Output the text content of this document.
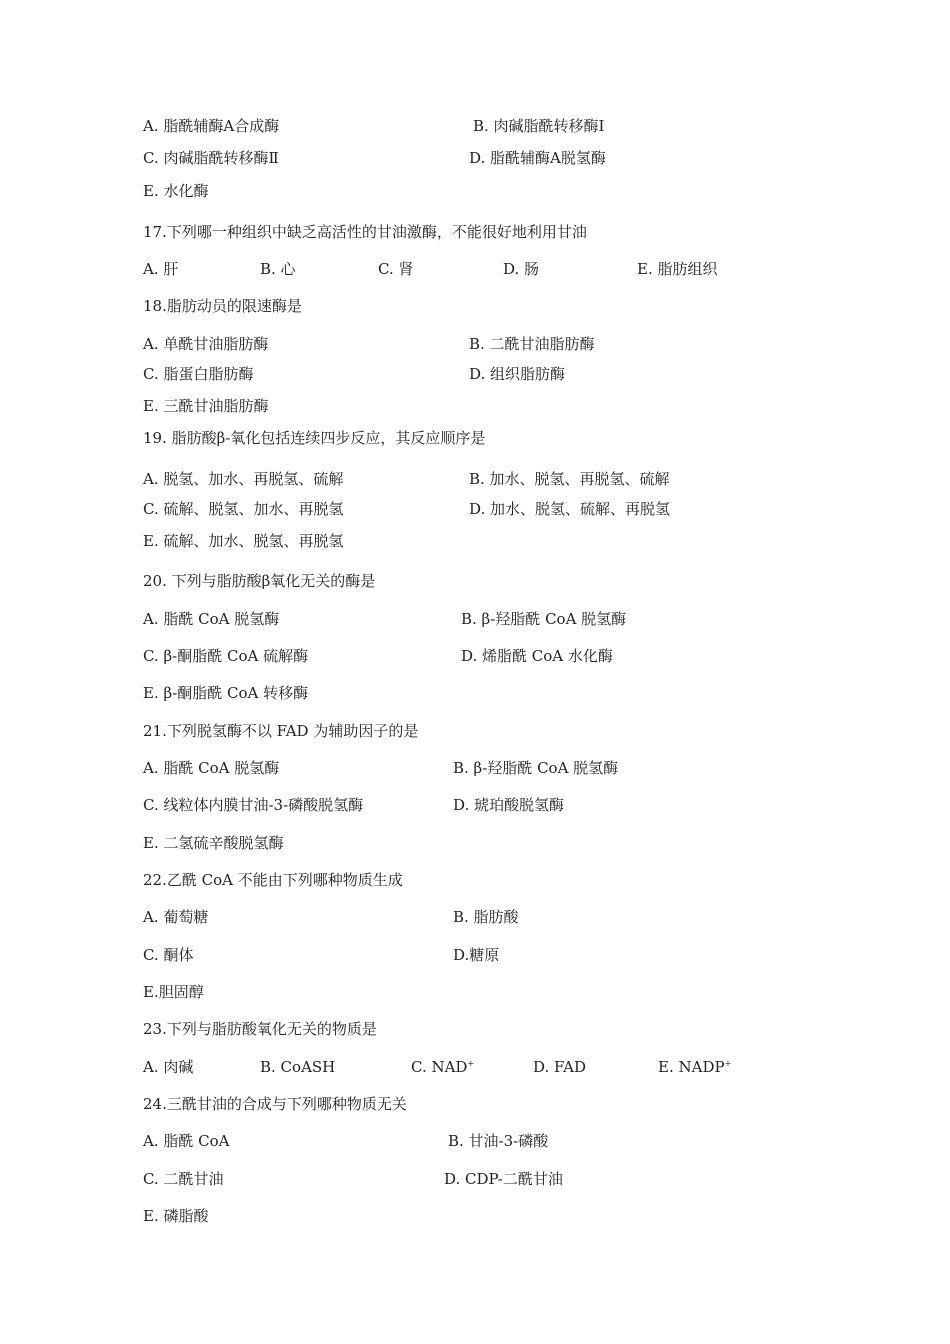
A. 脂酰辅酶A合成酶	B. 肉碱脂酰转移酶I
C. 肉碱脂酰转移酶Ⅱ	D. 脂酰辅酶A脱氢酶
E. 水化酶
17.下列哪一种组织中缺乏高活性的甘油激酶，不能很好地利用甘油
A. 肝	B. 心	C. 肾	D. 肠	E. 脂肪组织
18.脂肪动员的限速酶是
A. 单酰甘油脂肪酶	B. 二酰甘油脂肪酶
C. 脂蛋白脂肪酶	D. 组织脂肪酶
E. 三酰甘油脂肪酶
19. 脂肪酸β-氧化包括连续四步反应，其反应顺序是
A. 脱氢、加水、再脱氢、硫解	B. 加水、脱氢、再脱氢、硫解
C. 硫解、脱氢、加水、再脱氢	D. 加水、脱氢、硫解、再脱氢
E. 硫解、加水、脱氢、再脱氢
20. 下列与脂肪酸β氧化无关的酶是
A. 脂酰 CoA 脱氢酶	B. β-羟脂酰 CoA 脱氢酶
C. β-酮脂酰 CoA 硫解酶	D. 烯脂酰 CoA 水化酶
E. β-酮脂酰 CoA 转移酶
21.下列脱氢酶不以 FAD 为辅助因子的是
A. 脂酰 CoA 脱氢酶	B. β-羟脂酰 CoA 脱氢酶
C. 线粒体内膜甘油-3-磷酸脱氢酶	D. 琥珀酸脱氢酶
E. 二氢硫辛酸脱氢酶
22.乙酰 CoA 不能由下列哪种物质生成
A. 葡萄糖	B. 脂肪酸
C. 酮体	D.糖原
E.胆固醇
23.下列与脂肪酸氧化无关的物质是
A. 肉碱	B. CoASH	C. NAD+	D. FAD	E. NADP+
24.三酰甘油的合成与下列哪种物质无关
A. 脂酰 CoA	B. 甘油-3-磷酸
C. 二酰甘油	D. CDP-二酰甘油
E. 磷脂酸
